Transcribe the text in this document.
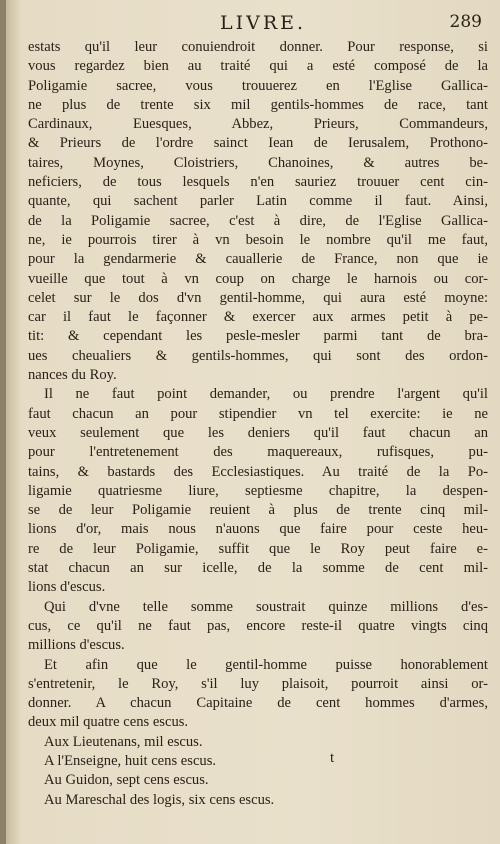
LIVRE.	289
estats qu'il leur conuiendroit donner. Pour response, si
vous regardez bien au traité qui a esté composé de la
Poligamie sacree, vous trouuerez en l'Eglise Gallica-
ne plus de trente six mil gentils-hommes de race, tant
Cardinaux, Euesques, Abbez, Prieurs, Commandeurs,
& Prieurs de l'ordre sainct Iean de Ierusalem, Prothono-
taires, Moynes, Cloistriers, Chanoines, & autres be-
neficiers, de tous lesquels n'en sauriez trouuer cent cin-
quante, qui sachent parler Latin comme il faut. Ainsi,
de la Poligamie sacree, c'est à dire, de l'Eglise Gallica-
ne, ie pourrois tirer à vn besoin le nombre qu'il me faut,
pour la gendarmerie & cauallerie de France, non que ie
vueille que tout à vn coup on charge le harnois ou cor-
celet sur le dos d'vn gentil-homme, qui aura esté moyne:
car il faut le façonner & exercer aux armes petit à pe-
tit: & cependant les pesle-mesler parmi tant de bra-
ues cheualiers & gentils-hommes, qui sont des ordon-
nances du Roy.
Il ne faut point demander, ou prendre l'argent qu'il
faut chacun an pour stipendier vn tel exercite: ie ne
veux seulement que les deniers qu'il faut chacun an
pour l'entretenement des maquereaux, rufisques, pu-
tains, & bastards des Ecclesiastiques. Au traité de la Po-
ligamie quatriesme liure, septiesme chapitre, la despen-
se de leur Poligamie reuient à plus de trente cinq mil-
lions d'or, mais nous n'auons que faire pour ceste heu-
re de leur Poligamie, suffit que le Roy peut faire e-
stat chacun an sur icelle, de la somme de cent mil-
lions d'escus.
Qui d'vne telle somme soustrait quinze millions d'es-
cus, ce qu'il ne faut pas, encore reste-il quatre vingts cinq
millions d'escus.
Et afin que le gentil-homme puisse honorablement
s'entretenir, le Roy, s'il luy plaisoit, pourroit ainsi or-
donner. A chacun Capitaine de cent hommes d'armes,
deux mil quatre cens escus.
Aux Lieutenans, mil escus.
A l'Enseigne, huit cens escus.
Au Guidon, sept cens escus.
Au Mareschal des logis, six cens escus.
t
